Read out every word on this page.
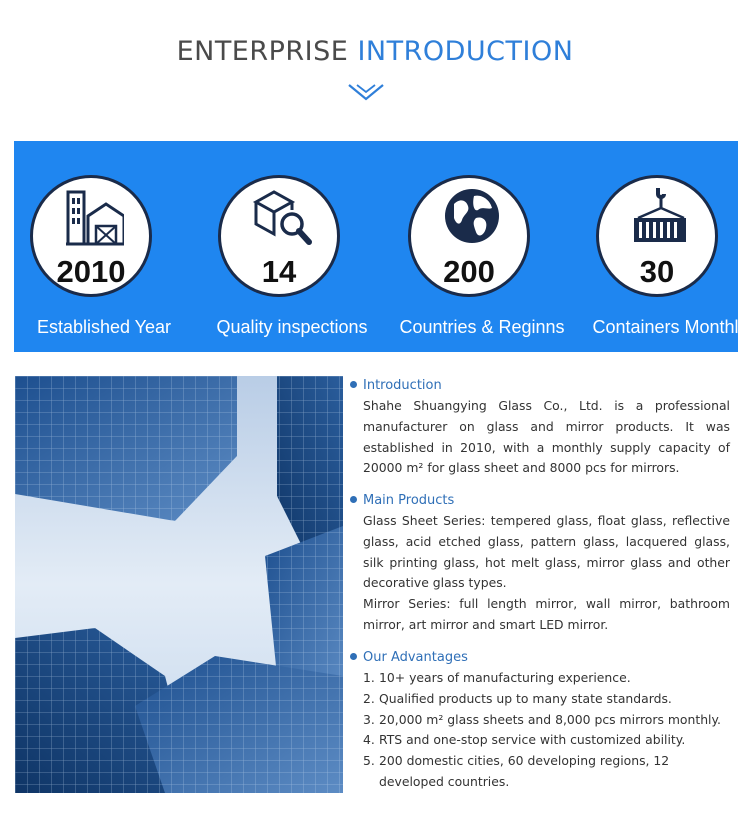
ENTERPRISE INTRODUCTION
2010
Established Year
14
Quality inspections
200
Countries & Reginns
30
Containers Monthly
Introduction
Shahe Shuangying Glass Co., Ltd. is a professional manufacturer on glass and mirror products. It was established in 2010, with a monthly supply capacity of 20000 m² for glass sheet and 8000 pcs for mirrors.
Main Products
Glass Sheet Series: tempered glass, float glass, reflective glass, acid etched glass, pattern glass, lacquered glass, silk printing glass, hot melt glass, mirror glass and other decorative glass types.
Mirror Series: full length mirror, wall mirror, bathroom mirror, art mirror and smart LED mirror.
Our Advantages
1. 10+ years of manufacturing experience.
2. Qualified products up to many state standards.
3. 20,000 m² glass sheets and 8,000 pcs mirrors monthly.
4. RTS and one-stop service with customized ability.
5. 200 domestic cities, 60 developing regions, 12 developed countries.
